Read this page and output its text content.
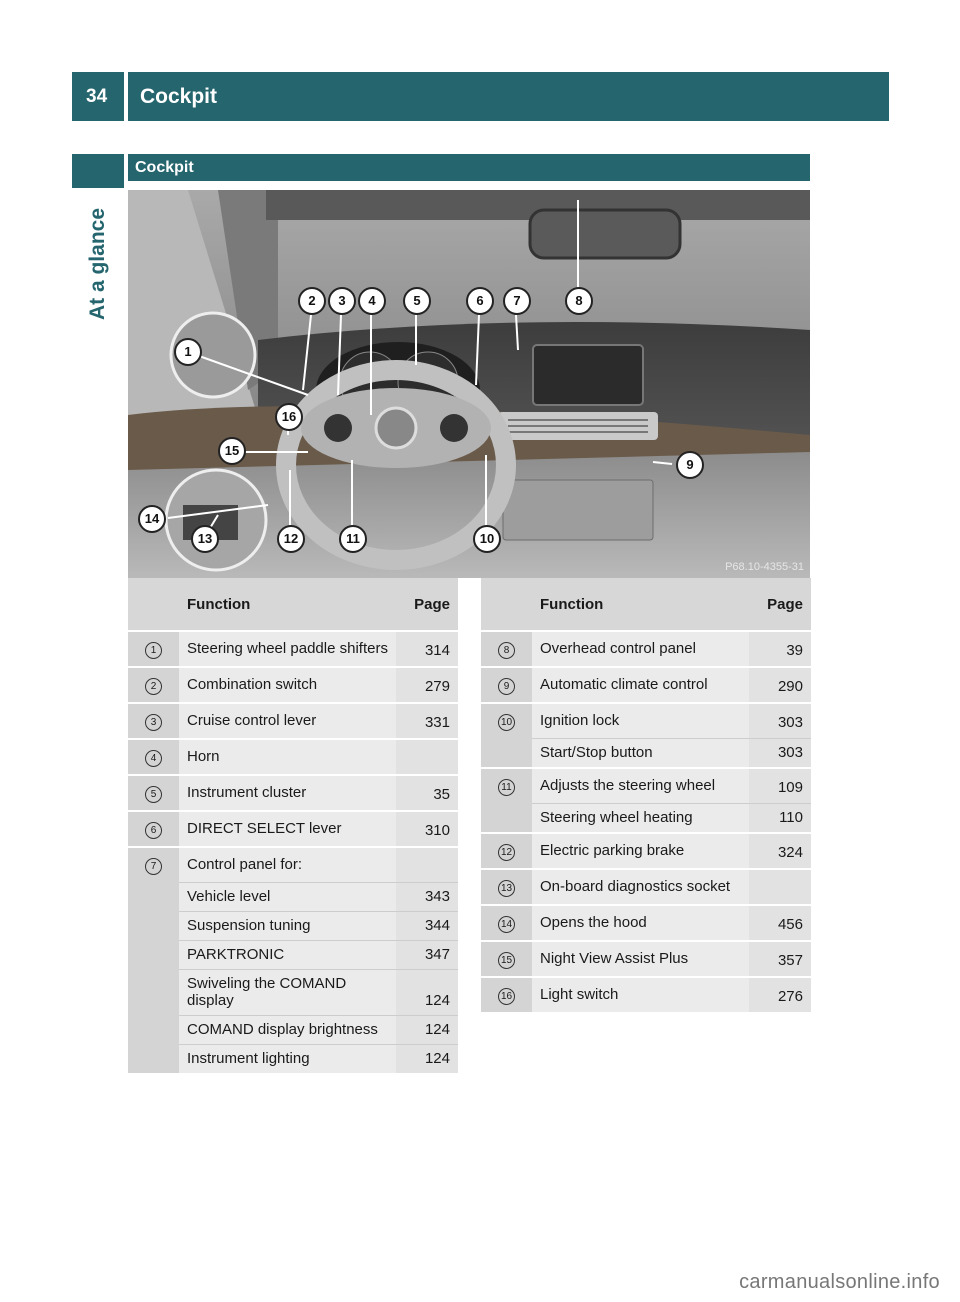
34	Cockpit
At a glance
Cockpit
1
2	3	4	5	6	7	8
9
10
11
12
13
14
15
16
P68.10-4355-31
	Function	Page
1	Steering wheel paddle shifters	314
2	Combination switch	279
3	Cruise control lever	331
4	Horn	
5	Instrument cluster	35
6	DIRECT SELECT lever	310
7	Control panel for:	
	Vehicle level	343
	Suspension tuning	344
	PARKTRONIC	347
	Swiveling the COMAND display	124
	COMAND display brightness	124
	Instrument lighting	124
	Function	Page
8	Overhead control panel	39
9	Automatic climate control	290
10	Ignition lock	303
	Start/Stop button	303
11	Adjusts the steering wheel	109
	Steering wheel heating	110
12	Electric parking brake	324
13	On-board diagnostics socket	
14	Opens the hood	456
15	Night View Assist Plus	357
16	Light switch	276
carmanualsonline.info
